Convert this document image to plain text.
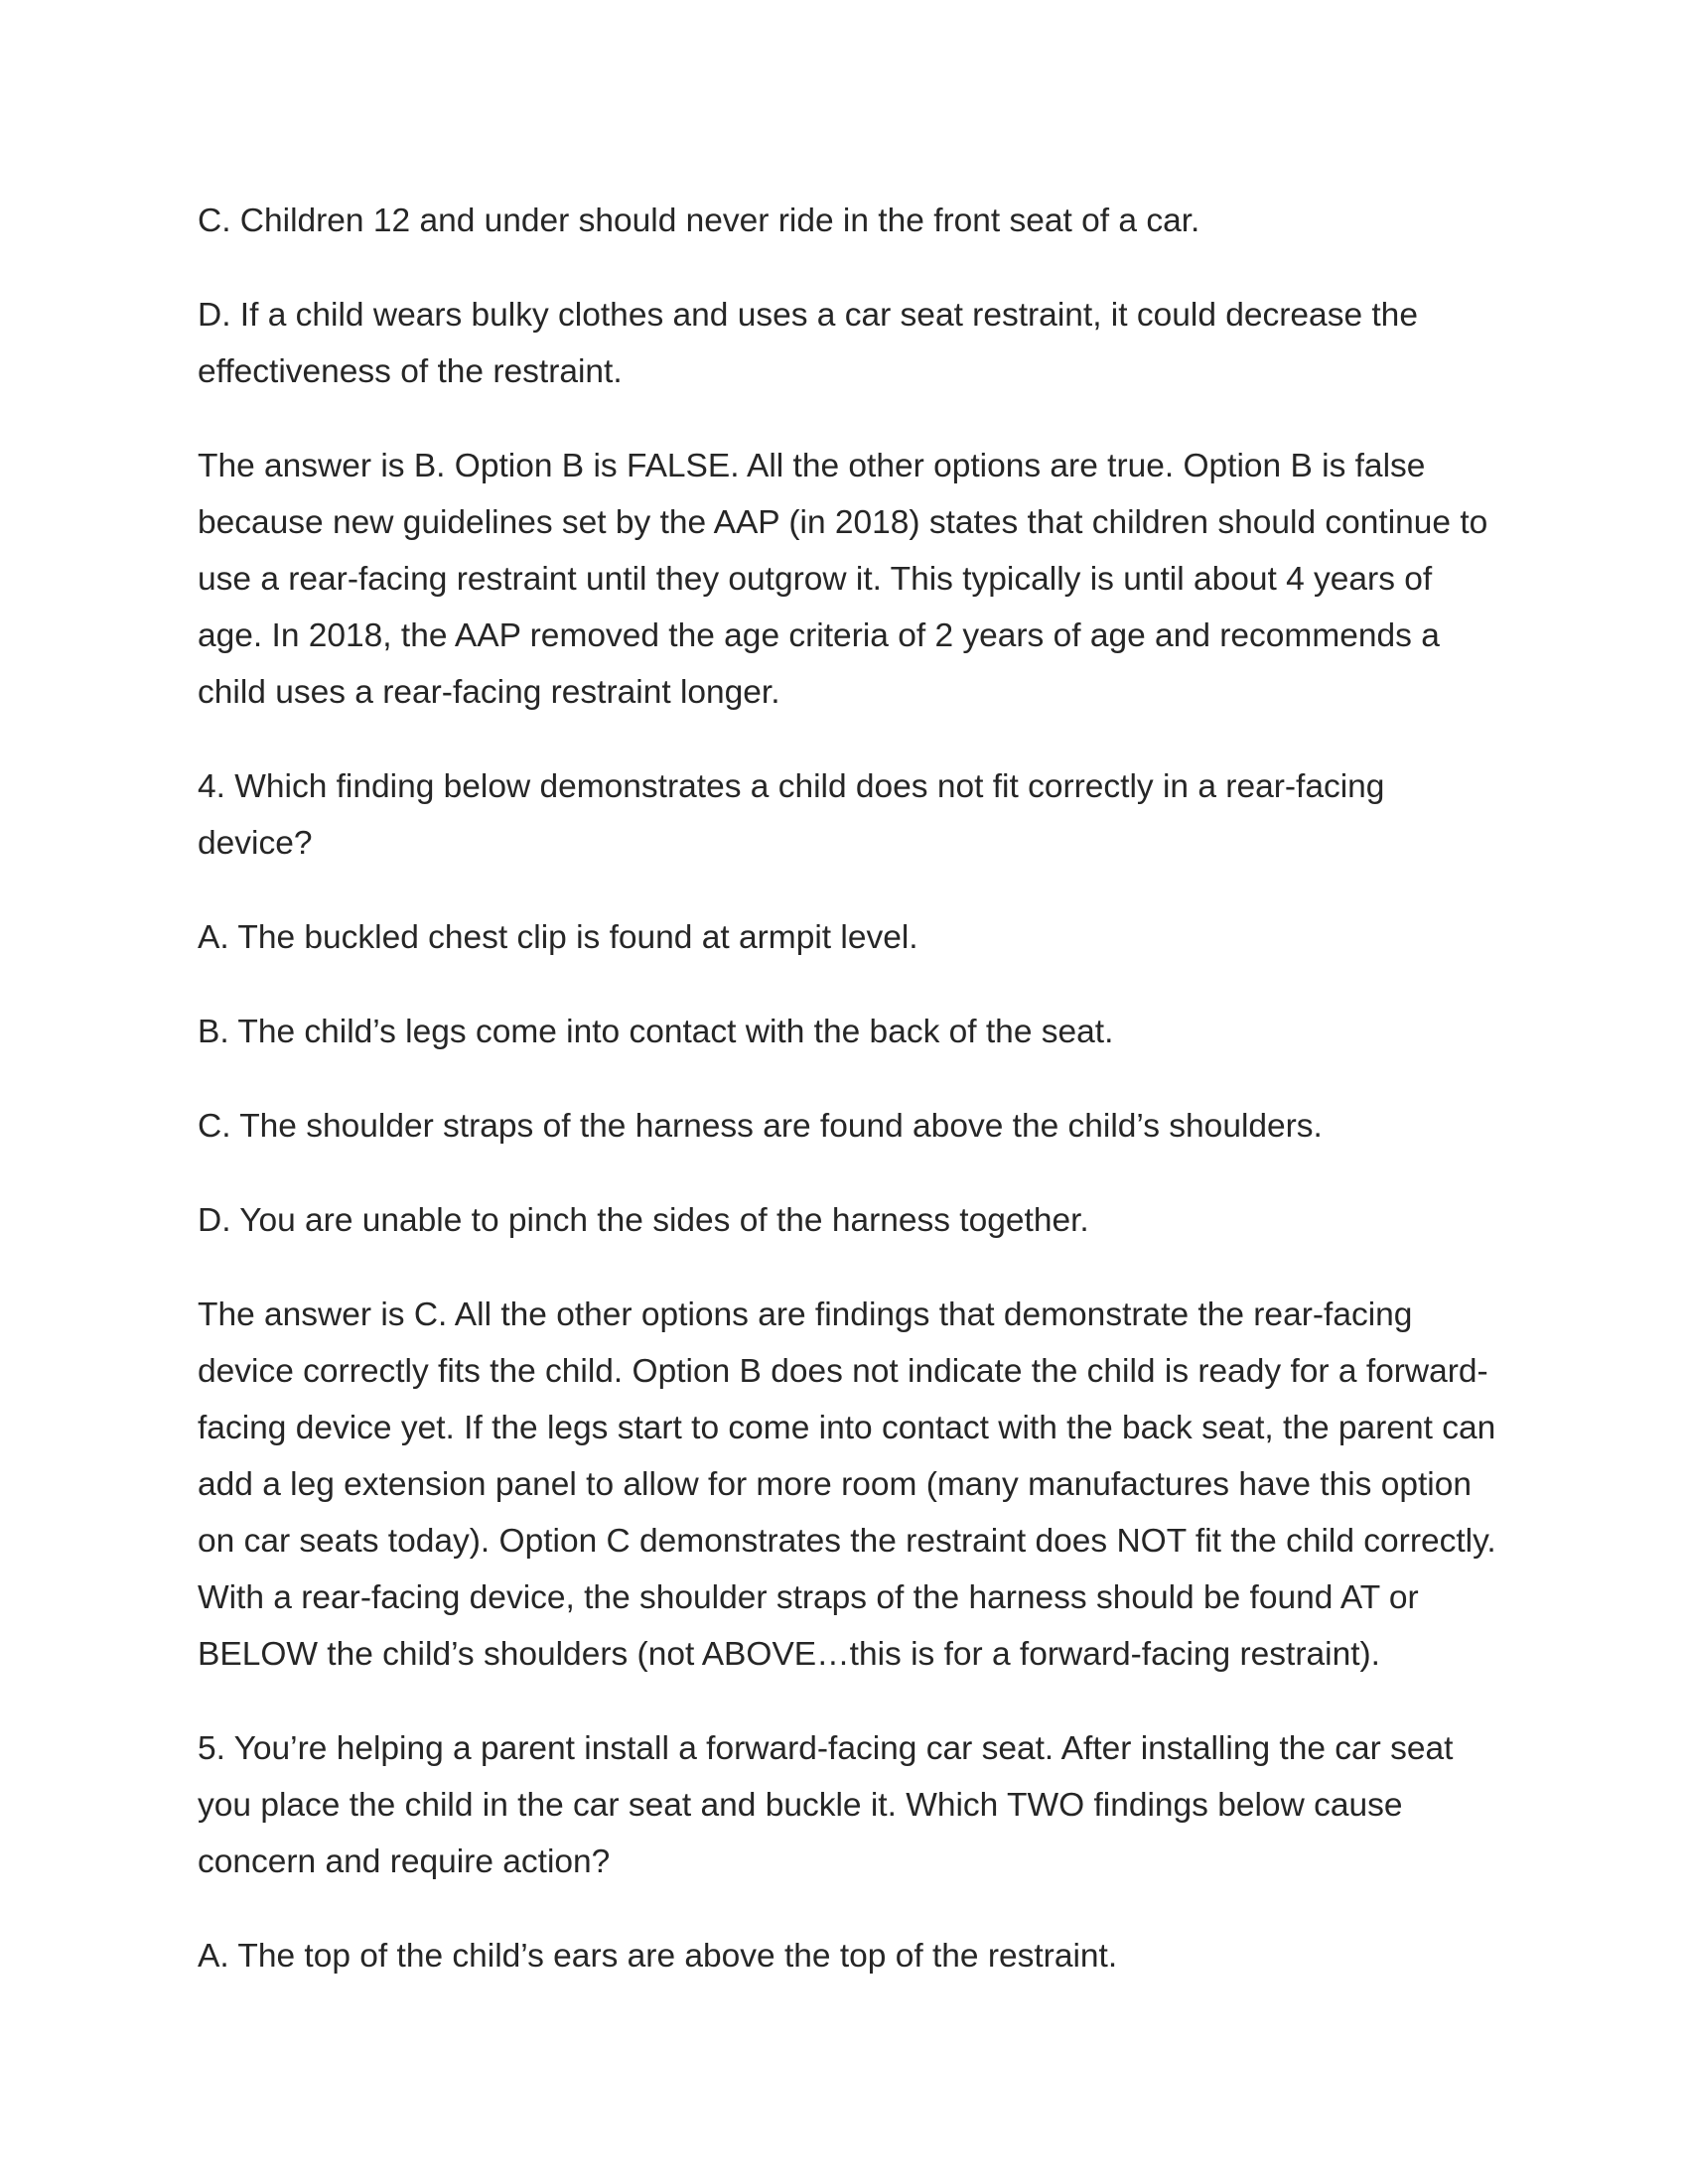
C. Children 12 and under should never ride in the front seat of a car.

D. If a child wears bulky clothes and uses a car seat restraint, it could decrease the effectiveness of the restraint.

The answer is B. Option B is FALSE. All the other options are true. Option B is false because new guidelines set by the AAP (in 2018) states that children should continue to use a rear-facing restraint until they outgrow it. This typically is until about 4 years of age. In 2018, the AAP removed the age criteria of 2 years of age and recommends a child uses a rear-facing restraint longer.

4. Which finding below demonstrates a child does not fit correctly in a rear-facing device?

A. The buckled chest clip is found at armpit level.

B. The child’s legs come into contact with the back of the seat.

C. The shoulder straps of the harness are found above the child’s shoulders.

D. You are unable to pinch the sides of the harness together.

The answer is C. All the other options are findings that demonstrate the rear-facing device correctly fits the child. Option B does not indicate the child is ready for a forward-facing device yet. If the legs start to come into contact with the back seat, the parent can add a leg extension panel to allow for more room (many manufactures have this option on car seats today). Option C demonstrates the restraint does NOT fit the child correctly. With a rear-facing device, the shoulder straps of the harness should be found AT or BELOW the child’s shoulders (not ABOVE…this is for a forward-facing restraint).

5. You’re helping a parent install a forward-facing car seat. After installing the car seat you place the child in the car seat and buckle it. Which TWO findings below cause concern and require action?

A. The top of the child’s ears are above the top of the restraint.
